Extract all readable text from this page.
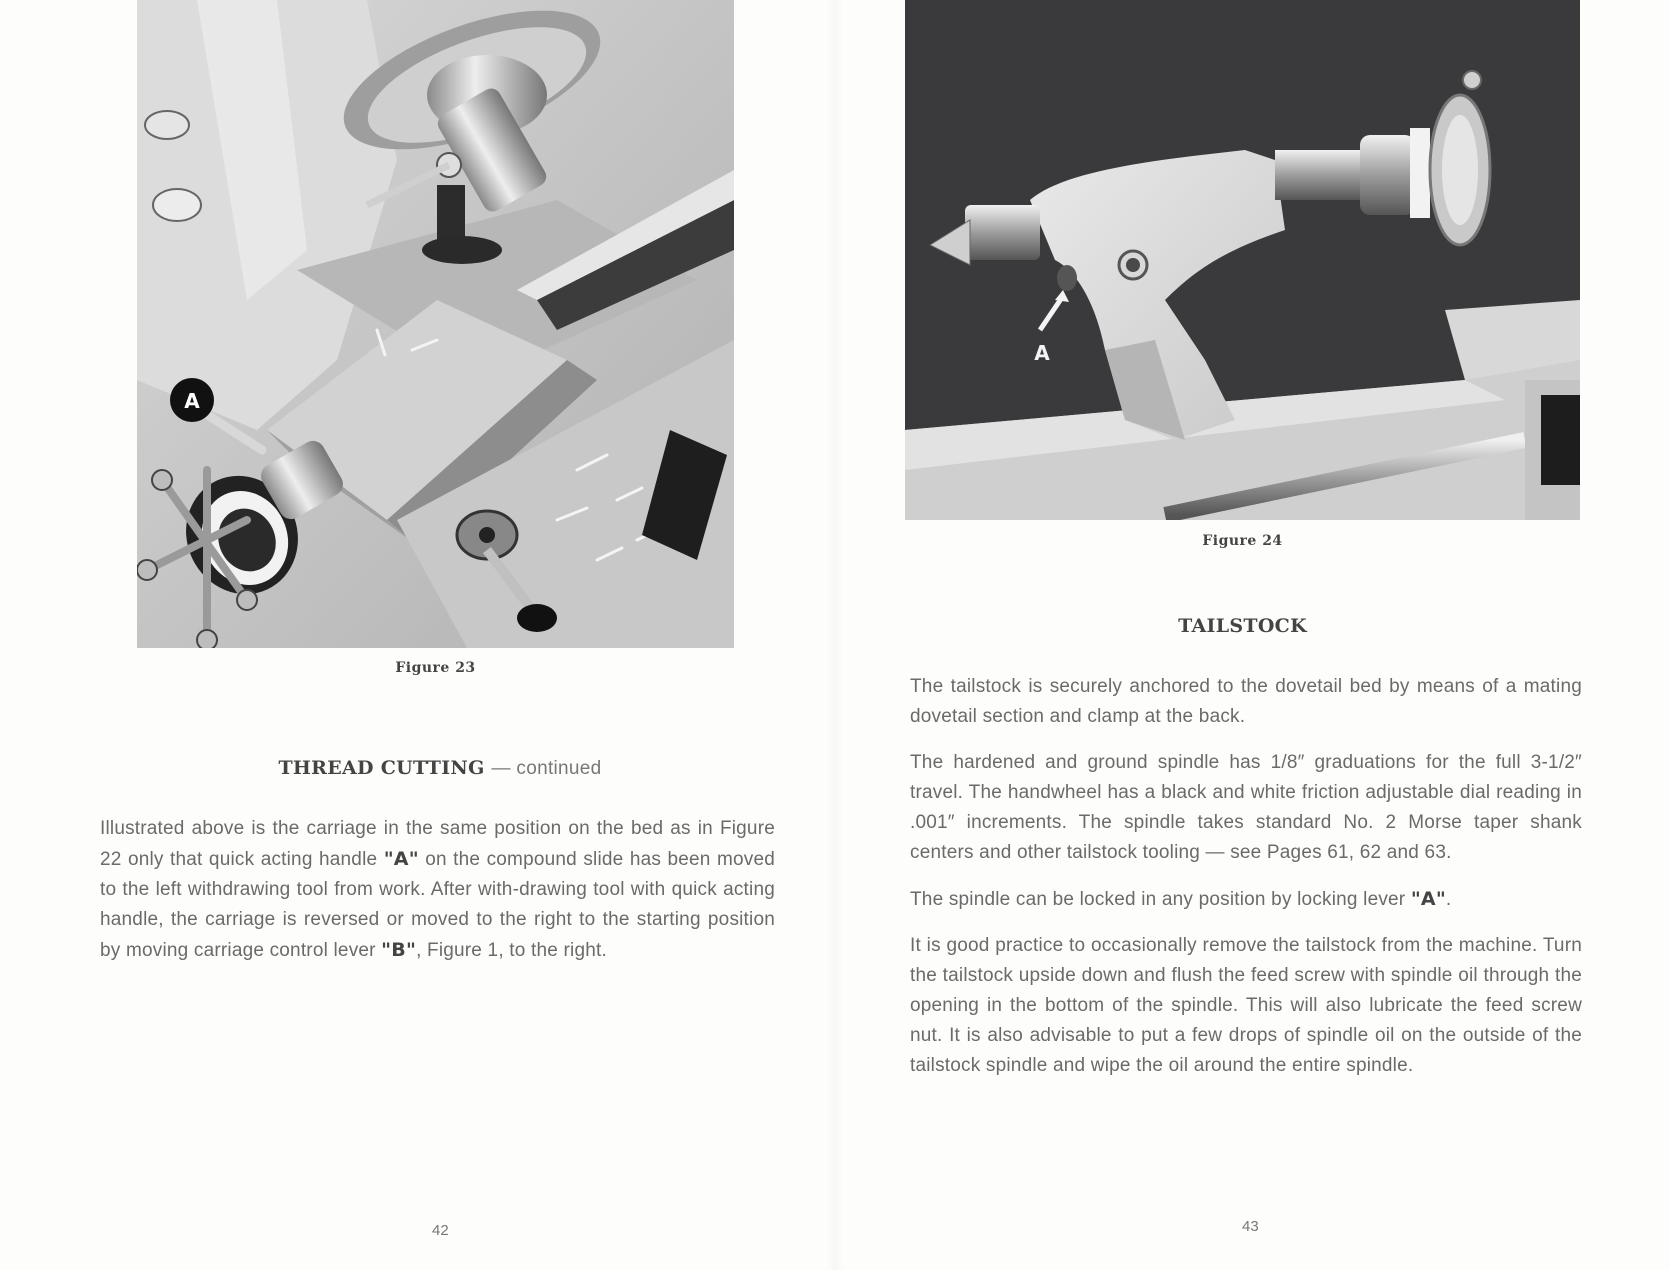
A
Figure 23
THREAD CUTTING — continued

Illustrated above is the carriage in the same position on the bed as in Figure 22 only that quick acting handle "A" on the compound slide has been moved to the left withdrawing tool from work. After with-drawing tool with quick acting handle, the carriage is reversed or moved to the right to the starting position by moving carriage control lever "B", Figure 1, to the right.

42
A
Figure 24
TAILSTOCK

The tailstock is securely anchored to the dovetail bed by means of a mating dovetail section and clamp at the back.

The hardened and ground spindle has 1/8″ graduations for the full 3-1/2″ travel. The handwheel has a black and white friction adjustable dial reading in .001″ increments. The spindle takes standard No. 2 Morse taper shank centers and other tailstock tooling — see Pages 61, 62 and 63.

The spindle can be locked in any position by locking lever "A".

It is good practice to occasionally remove the tailstock from the machine. Turn the tailstock upside down and flush the feed screw with spindle oil through the opening in the bottom of the spindle. This will also lubricate the feed screw nut. It is also advisable to put a few drops of spindle oil on the outside of the tailstock spindle and wipe the oil around the entire spindle.

43
